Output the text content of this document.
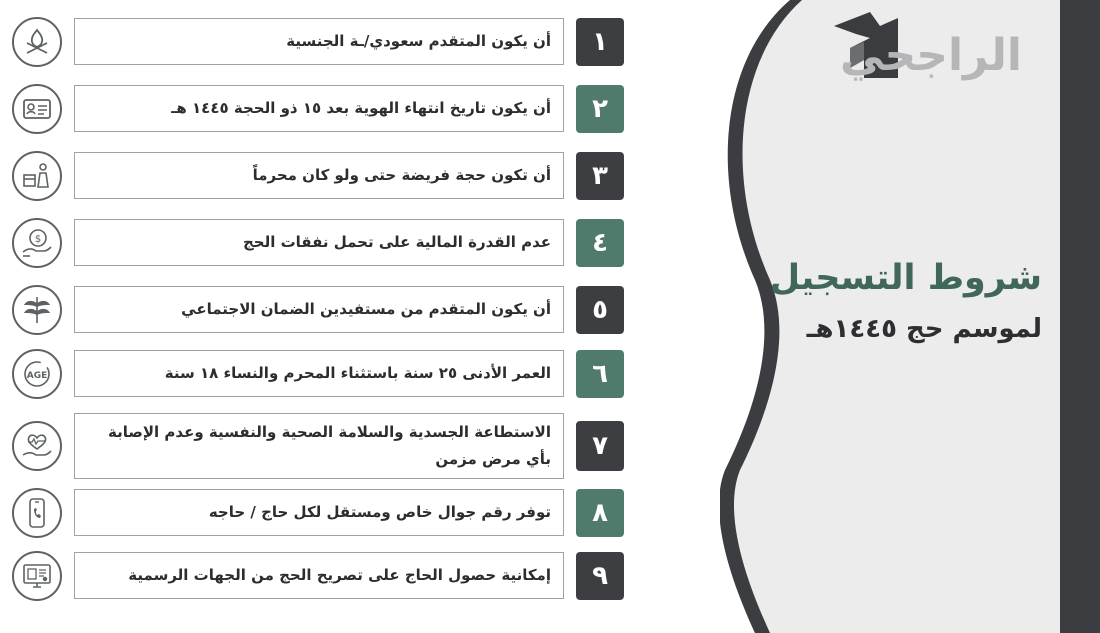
الراجحي
شروط التسجيل
لموسم حج ١٤٤٥هـ
أن يكون المتقدم سعودي/ـة الجنسية	١
أن يكون تاريخ انتهاء الهوية بعد ١٥ ذو الحجة ١٤٤٥ هـ	٢
أن تكون حجة فريضة حتى ولو كان محرماً	٣
$	عدم القدرة المالية على تحمل نفقات الحج	٤
أن يكون المتقدم من مستفيدين الضمان الاجتماعي	٥
AGE	العمر الأدنى ٢٥ سنة باستثناء المحرم والنساء ١٨ سنة	٦
الاستطاعة الجسدية والسلامة الصحية والنفسية وعدم الإصابة بأي مرض مزمن	٧
توفر رقم جوال خاص ومستقل لكل حاج / حاجه	٨
إمكانية حصول الحاج على تصريح الحج من الجهات الرسمية	٩
